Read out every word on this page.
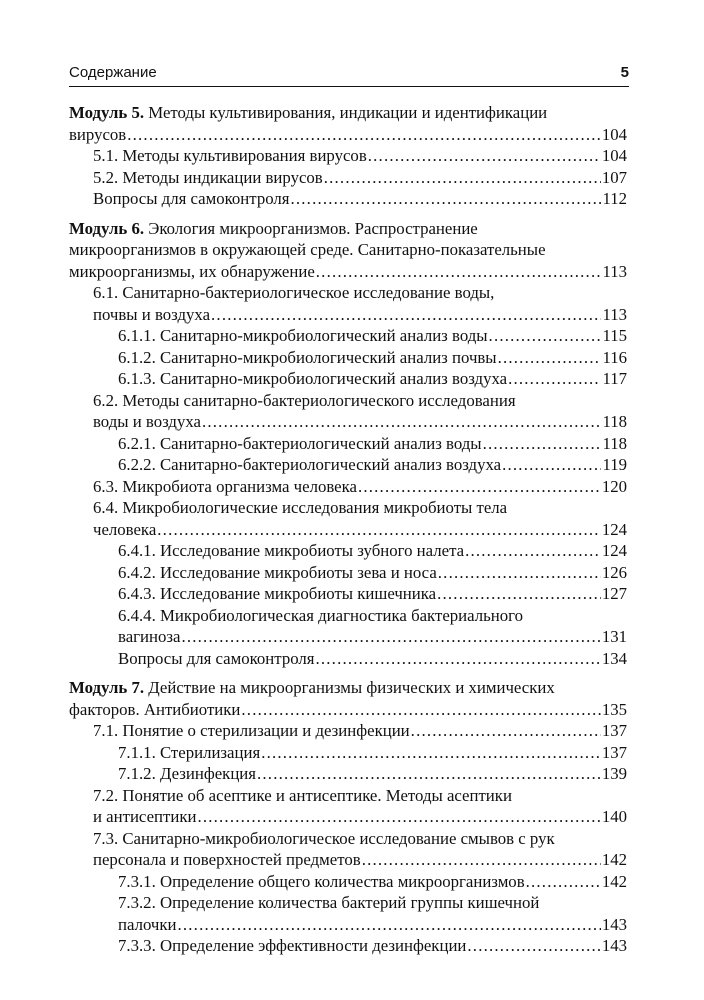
Содержание	5
Модуль 5. Методы культивирования, индикации и идентификации
вирусов .....	104
5.1. Методы культивирования вирусов .....	104
5.2. Методы индикации вирусов .....	107
Вопросы для самоконтроля .....	112
Модуль 6. Экология микроорганизмов. Распространение
микроорганизмов в окружающей среде. Санитарно-показательные
микроорганизмы, их обнаружение .....	113
6.1. Санитарно-бактериологическое исследование воды,
почвы и воздуха .....	113
6.1.1. Санитарно-микробиологический анализ воды .....	115
6.1.2. Санитарно-микробиологический анализ почвы .....	116
6.1.3. Санитарно-микробиологический анализ воздуха .....	117
6.2. Методы санитарно-бактериологического исследования
воды и воздуха .....	118
6.2.1. Санитарно-бактериологический анализ воды .....	118
6.2.2. Санитарно-бактериологический анализ воздуха .....	119
6.3. Микробиота организма человека .....	120
6.4. Микробиологические исследования микробиоты тела
человека .....	124
6.4.1. Исследование микробиоты зубного налета .....	124
6.4.2. Исследование микробиоты зева и носа .....	126
6.4.3. Исследование микробиоты кишечника .....	127
6.4.4. Микробиологическая диагностика бактериального
вагиноза .....	131
Вопросы для самоконтроля .....	134
Модуль 7. Действие на микроорганизмы физических и химических
факторов. Антибиотики .....	135
7.1. Понятие о стерилизации и дезинфекции .....	137
7.1.1. Стерилизация .....	137
7.1.2. Дезинфекция .....	139
7.2. Понятие об асептике и антисептике. Методы асептики
и антисептики .....	140
7.3. Санитарно-микробиологическое исследование смывов с рук
персонала и поверхностей предметов .....	142
7.3.1. Определение общего количества микроорганизмов .....	142
7.3.2. Определение количества бактерий группы кишечной
палочки .....	143
7.3.3. Определение эффективности дезинфекции .....	143
